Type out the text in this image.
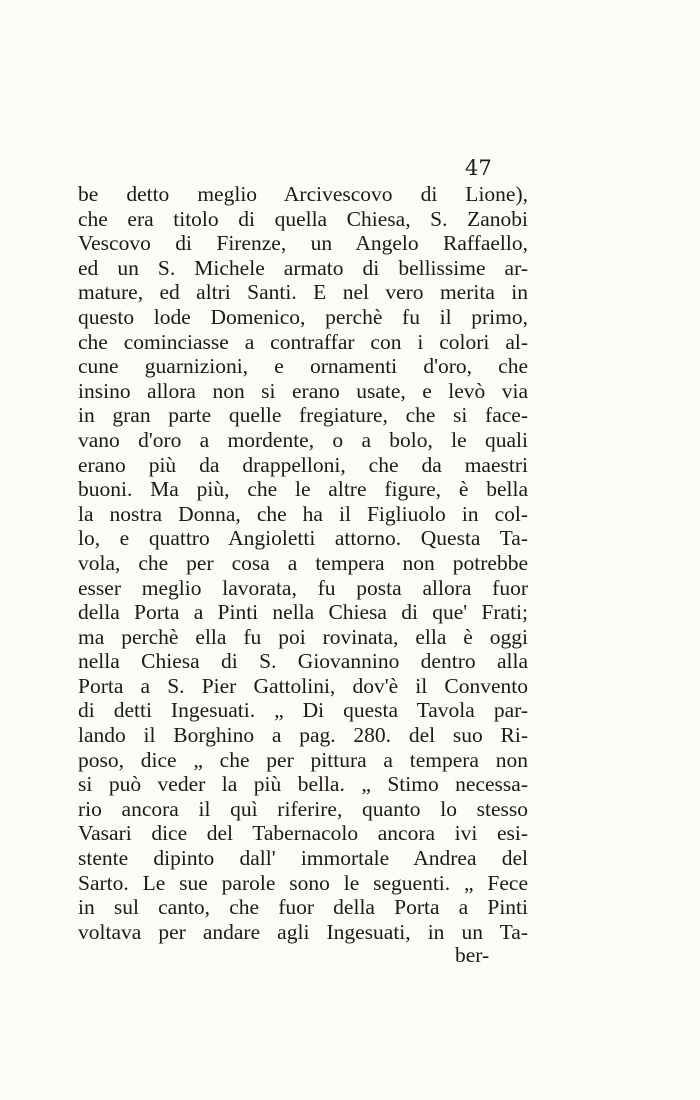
47
be detto meglio Arcivescovo di Lione),
che era titolo di quella Chiesa, S. Zanobi
Vescovo di Firenze, un Angelo Raffaello,
ed un S. Michele armato di bellissime ar-
mature, ed altri Santi. E nel vero merita in
questo lode Domenico, perchè fu il primo,
che cominciasse a contraffar con i colori al-
cune guarnizioni, e ornamenti d'oro, che
insino allora non si erano usate, e levò via
in gran parte quelle fregiature, che si face-
vano d'oro a mordente, o a bolo, le quali
erano più da drappelloni, che da maestri
buoni. Ma più, che le altre figure, è bella
la nostra Donna, che ha il Figliuolo in col-
lo, e quattro Angioletti attorno. Questa Ta-
vola, che per cosa a tempera non potrebbe
esser meglio lavorata, fu posta allora fuor
della Porta a Pinti nella Chiesa di que' Frati;
ma perchè ella fu poi rovinata, ella è oggi
nella Chiesa di S. Giovannino dentro alla
Porta a S. Pier Gattolini, dov'è il Convento
di detti Ingesuati. „ Di questa Tavola par-
lando il Borghino a pag. 280. del suo Ri-
poso, dice „ che per pittura a tempera non
si può veder la più bella. „ Stimo necessa-
rio ancora il quì riferire, quanto lo stesso
Vasari dice del Tabernacolo ancora ivi esi-
stente dipinto dall' immortale Andrea del
Sarto. Le sue parole sono le seguenti. „ Fece
in sul canto, che fuor della Porta a Pinti
voltava per andare agli Ingesuati, in un Ta-
ber-
